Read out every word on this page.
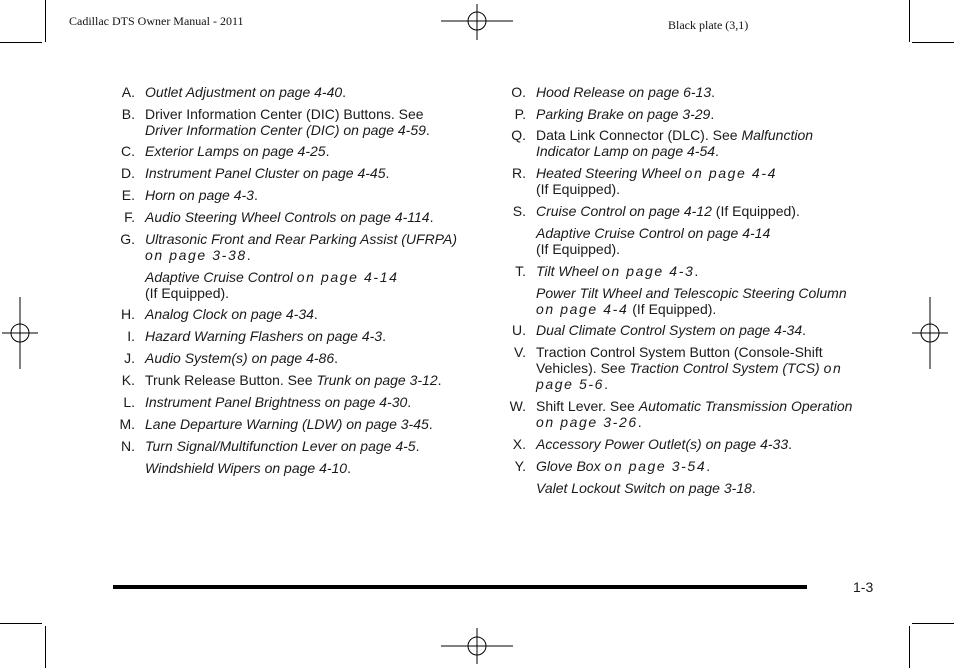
Cadillac DTS Owner Manual - 2011	Black plate (3,1)
A. Outlet Adjustment on page 4-40.
B. Driver Information Center (DIC) Buttons. See
Driver Information Center (DIC) on page 4-59.
C. Exterior Lamps on page 4-25.
D. Instrument Panel Cluster on page 4-45.
E. Horn on page 4-3.
F. Audio Steering Wheel Controls on page 4-114.
G. Ultrasonic Front and Rear Parking Assist (UFRPA)
on page 3-38.
Adaptive Cruise Control on page 4-14
(If Equipped).
H. Analog Clock on page 4-34.
I. Hazard Warning Flashers on page 4-3.
J. Audio System(s) on page 4-86.
K. Trunk Release Button. See Trunk on page 3-12.
L. Instrument Panel Brightness on page 4-30.
M. Lane Departure Warning (LDW) on page 3-45.
N. Turn Signal/Multifunction Lever on page 4-5.
Windshield Wipers on page 4-10.
O. Hood Release on page 6-13.
P. Parking Brake on page 3-29.
Q. Data Link Connector (DLC). See Malfunction
Indicator Lamp on page 4-54.
R. Heated Steering Wheel on page 4-4
(If Equipped).
S. Cruise Control on page 4-12 (If Equipped).
Adaptive Cruise Control on page 4-14
(If Equipped).
T. Tilt Wheel on page 4-3.
Power Tilt Wheel and Telescopic Steering Column
on page 4-4 (If Equipped).
U. Dual Climate Control System on page 4-34.
V. Traction Control System Button (Console-Shift
Vehicles). See Traction Control System (TCS) on
page 5-6.
W. Shift Lever. See Automatic Transmission Operation
on page 3-26.
X. Accessory Power Outlet(s) on page 4-33.
Y. Glove Box on page 3-54.
Valet Lockout Switch on page 3-18.
1-3
